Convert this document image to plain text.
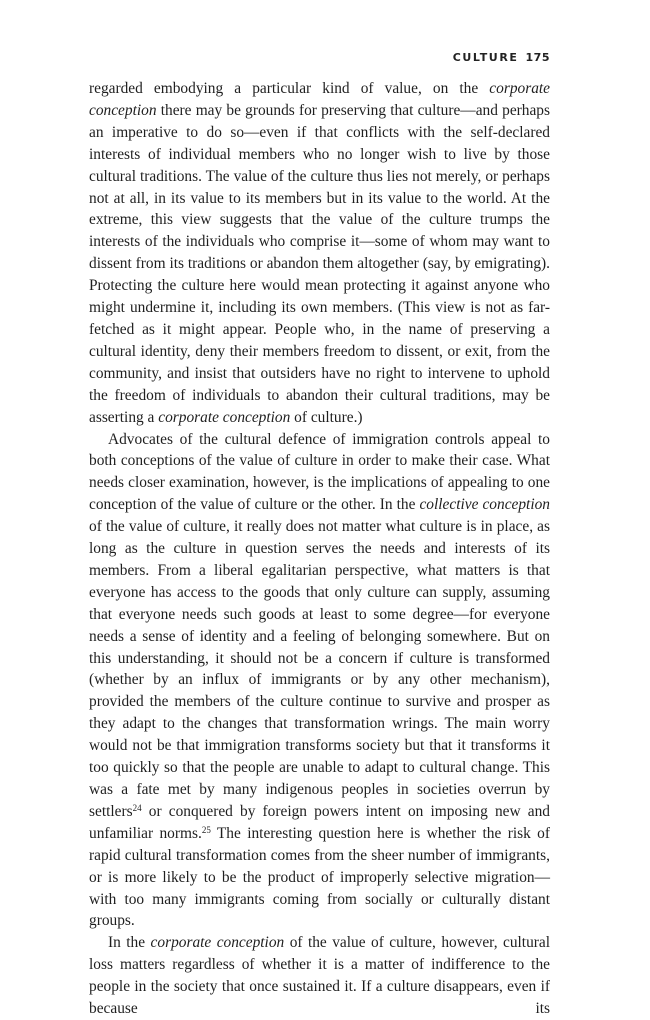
CULTURE 175

regarded embodying a particular kind of value, on the corporate conception there may be grounds for preserving that culture—and perhaps an imperative to do so—even if that conflicts with the self-declared interests of individual members who no longer wish to live by those cultural traditions. The value of the culture thus lies not merely, or perhaps not at all, in its value to its members but in its value to the world. At the extreme, this view suggests that the value of the culture trumps the interests of the individuals who comprise it—some of whom may want to dissent from its traditions or abandon them altogether (say, by emigrating). Protecting the culture here would mean protecting it against anyone who might undermine it, including its own members. (This view is not as far-fetched as it might appear. People who, in the name of preserving a cultural identity, deny their members freedom to dissent, or exit, from the community, and insist that outsiders have no right to intervene to uphold the freedom of individuals to abandon their cultural traditions, may be asserting a corporate conception of culture.)

Advocates of the cultural defence of immigration controls appeal to both conceptions of the value of culture in order to make their case. What needs closer examination, however, is the implications of appealing to one conception of the value of culture or the other. In the collective conception of the value of culture, it really does not matter what culture is in place, as long as the culture in question serves the needs and interests of its members. From a liberal egalitarian perspective, what matters is that everyone has access to the goods that only culture can supply, assuming that everyone needs such goods at least to some degree—for everyone needs a sense of identity and a feeling of belonging somewhere. But on this understanding, it should not be a concern if culture is transformed (whether by an influx of immigrants or by any other mechanism), provided the members of the culture continue to survive and prosper as they adapt to the changes that transformation wrings. The main worry would not be that immigration transforms society but that it transforms it too quickly so that the people are unable to adapt to cultural change. This was a fate met by many indigenous peoples in societies overrun by settlers$^{24}$ or conquered by foreign powers intent on imposing new and unfamiliar norms.$^{25}$ The interesting question here is whether the risk of rapid cultural transformation comes from the sheer number of immigrants, or is more likely to be the product of improperly selective migration—with too many immigrants coming from socially or culturally distant groups.

In the corporate conception of the value of culture, however, cultural loss matters regardless of whether it is a matter of indifference to the people in the society that once sustained it. If a culture disappears, even if because its
